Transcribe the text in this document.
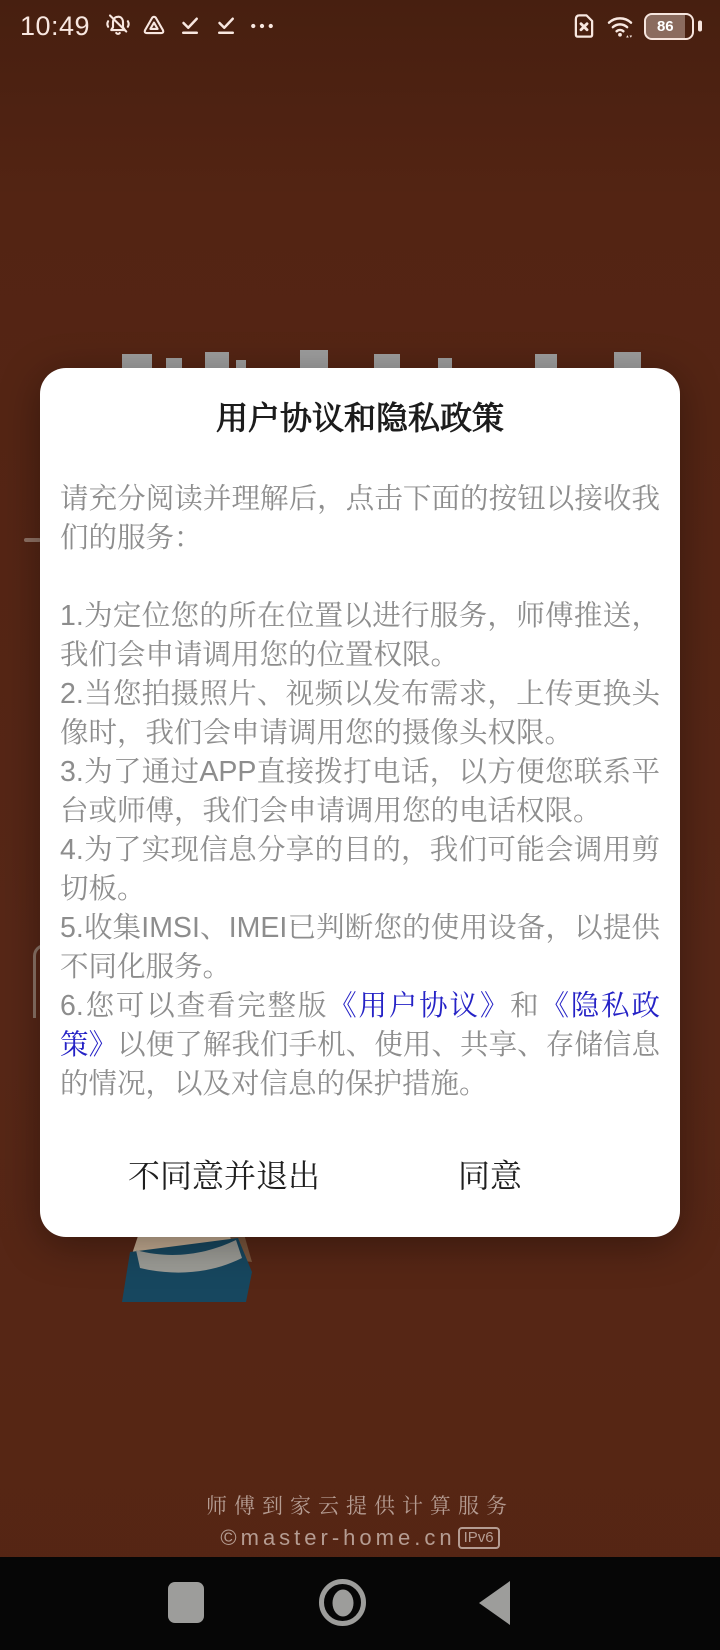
10:49	86
用户协议和隐私政策

请充分阅读并理解后，点击下面的按钮以接收我们的服务：

1.为定位您的所在位置以进行服务，师傅推送，我们会申请调用您的位置权限。

2.当您拍摄照片、视频以发布需求，上传更换头像时，我们会申请调用您的摄像头权限。

3.为了通过APP直接拨打电话，以方便您联系平台或师傅，我们会申请调用您的电话权限。

4.为了实现信息分享的目的，我们可能会调用剪切板。

5.收集IMSI、IMEI已判断您的使用设备，以提供不同化服务。

6.您可以查看完整版《用户协议》和《隐私政策》以便了解我们手机、使用、共享、存储信息的情况，以及对信息的保护措施。

不同意并退出	同意
师傅到家云提供计算服务
©master-home.cn IPv6
